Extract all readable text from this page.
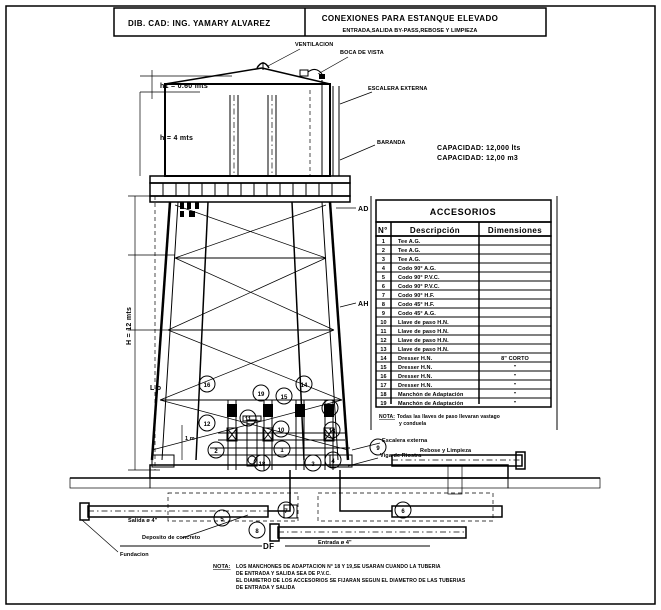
DIB. CAD: ING. YAMARY ALVAREZ
CONEXIONES PARA ESTANQUE ELEVADO
ENTRADA,SALIDA BY-PASS,REBOSE Y LIMPIEZA
VENTILACION
BOCA DE VISTA
ESCALERA EXTERNA
BARANDA
h1 = 0.60 mts
h = 4 mts
CAPACIDAD: 12,000 lts
CAPACIDAD: 12,00 m3
H = 12 mts
L o
1 m
AD
AH
DF
Salida ø 4"
Entrada ø 4"
Rebose y Limpieza
Escalera externa
Viga de Riostra
Deposito de concreto
Fundacion
1
2
3	4
5
6
7
8
9
10
11
12
13
14
15
16
17
18
19
ACCESORIOS
N°	Descripción	Dimensiones
1 Tee A.G.
2 Tee A.G.
3 Tee A.G.
4 Codo 90° A.G.
5 Codo 90° P.V.C.
6 Codo 90° P.V.C.
7 Codo 90° H.F.
8 Codo 45° H.F.
9 Codo 45° A.G.
10 Llave de paso H.N.
11 Llave de paso H.N.
12 Llave de paso H.N.
13 Llave de paso H.N.
14 Dresser H.N.	8" CORTO
15 Dresser H.N.	"
16 Dresser H.N.	"
17 Dresser H.N.	"
18 Manchón de Adaptación	"
19 Manchón de Adaptación	"
NOTA: Todas las llaves de paso llevaran vastago
y conduela
NOTA: LOS MANCHONES DE ADAPTACION N° 18 Y 19,SE USARAN CUANDO LA TUBERIA
DE ENTRADA Y SALIDA SEA DE P.V.C.
EL DIAMETRO DE LOS ACCESORIOS SE FIJARAN SEGUN EL DIAMETRO DE LAS TUBERIAS
DE ENTRADA Y SALIDA
